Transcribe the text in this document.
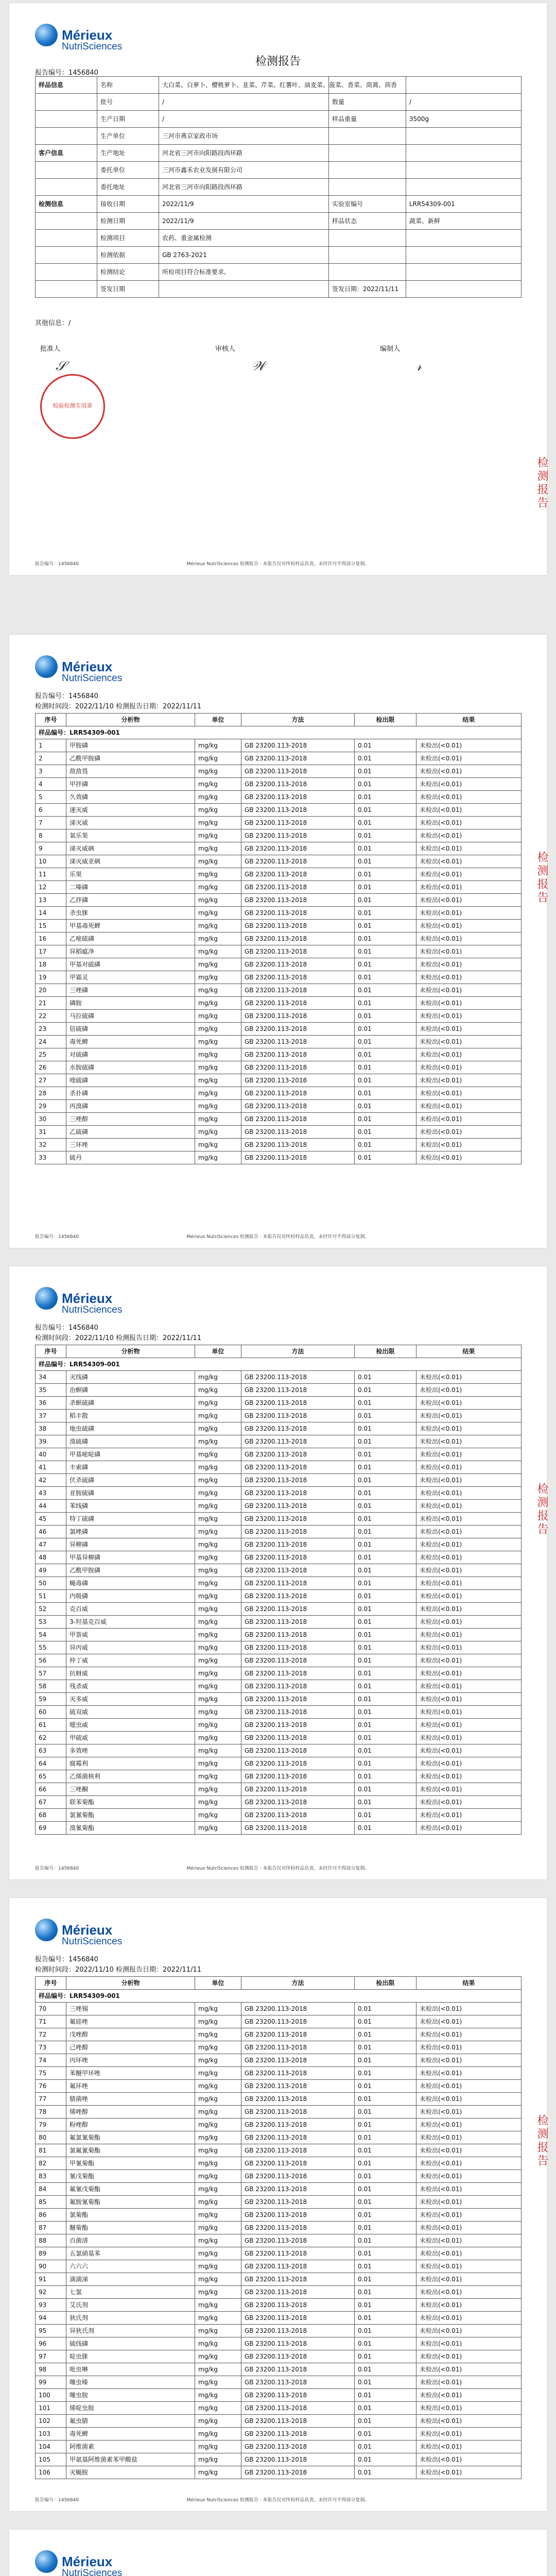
Mérieux
NutriSciences
检测报告
报告编号：1456840
样品信息	名称	大白菜、白萝卜、樱桃萝卜、韭菜、芹菜、红薯叶、油麦菜、菠菜、香菜、茼蒿、茴香		
	批号	/	数量	/
	生产日期	/	样品重量	3500g
	生产单位	三河市燕京家政市场		
客户信息	生产地址	河北省三河市向阳路段西环路		
	委托单位	三河市鑫禾农业发展有限公司		
	委托地址	河北省三河市向阳路段西环路		
检测信息	接收日期	2022/11/9	实验室编号	LRR54309-001
	检测日期	2022/11/9	样品状态	蔬菜、新鲜
	检测项目	农药、重金属检测		
	检测依据	GB 2763-2021		
	检测结论	所检项目符合标准要求。		
	签发日期		签发日期：2022/11/11	
其他信息：/
批准人	审核人	编制人
𝒮	𝒲	𝓇
检验检测专用章
检测报告
报告编号：1456840	Mérieux NutriSciences 检测报告 · 本报告仅对所检样品负责，未经许可不得部分复制。
Mérieux
NutriSciences
报告编号：1456840
检测时间段：2022/11/10 检测报告日期：2022/11/11
检测报告
报告编号：1456840	Mérieux NutriSciences 检测报告 · 本报告仅对所检样品负责，未经许可不得部分复制。
序号	分析物	单位	方法	检出限	结果
样品编号：LRR54309-001					
1	甲胺磷	mg/kg	GB 23200.113-2018	0.01	未检出(<0.01)
2	乙酰甲胺磷	mg/kg	GB 23200.113-2018	0.01	未检出(<0.01)
3	敌敌畏	mg/kg	GB 23200.113-2018	0.01	未检出(<0.01)
4	甲拌磷	mg/kg	GB 23200.113-2018	0.01	未检出(<0.01)
5	久效磷	mg/kg	GB 23200.113-2018	0.01	未检出(<0.01)
6	速灭威	mg/kg	GB 23200.113-2018	0.01	未检出(<0.01)
7	涕灭威	mg/kg	GB 23200.113-2018	0.01	未检出(<0.01)
8	氧乐果	mg/kg	GB 23200.113-2018	0.01	未检出(<0.01)
9	涕灭威砜	mg/kg	GB 23200.113-2018	0.01	未检出(<0.01)
10	涕灭威亚砜	mg/kg	GB 23200.113-2018	0.01	未检出(<0.01)
11	乐果	mg/kg	GB 23200.113-2018	0.01	未检出(<0.01)
12	二嗪磷	mg/kg	GB 23200.113-2018	0.01	未检出(<0.01)
13	乙拌磷	mg/kg	GB 23200.113-2018	0.01	未检出(<0.01)
14	杀虫脒	mg/kg	GB 23200.113-2018	0.01	未检出(<0.01)
15	甲基毒死蜱	mg/kg	GB 23200.113-2018	0.01	未检出(<0.01)
16	乙嘧硫磷	mg/kg	GB 23200.113-2018	0.01	未检出(<0.01)
17	异稻瘟净	mg/kg	GB 23200.113-2018	0.01	未检出(<0.01)
18	甲基对硫磷	mg/kg	GB 23200.113-2018	0.01	未检出(<0.01)
19	甲霜灵	mg/kg	GB 23200.113-2018	0.01	未检出(<0.01)
20	三唑磷	mg/kg	GB 23200.113-2018	0.01	未检出(<0.01)
21	磷胺	mg/kg	GB 23200.113-2018	0.01	未检出(<0.01)
22	马拉硫磷	mg/kg	GB 23200.113-2018	0.01	未检出(<0.01)
23	倍硫磷	mg/kg	GB 23200.113-2018	0.01	未检出(<0.01)
24	毒死蜱	mg/kg	GB 23200.113-2018	0.01	未检出(<0.01)
25	对硫磷	mg/kg	GB 23200.113-2018	0.01	未检出(<0.01)
26	水胺硫磷	mg/kg	GB 23200.113-2018	0.01	未检出(<0.01)
27	喹硫磷	mg/kg	GB 23200.113-2018	0.01	未检出(<0.01)
28	杀扑磷	mg/kg	GB 23200.113-2018	0.01	未检出(<0.01)
29	丙溴磷	mg/kg	GB 23200.113-2018	0.01	未检出(<0.01)
30	三唑醇	mg/kg	GB 23200.113-2018	0.01	未检出(<0.01)
31	乙硫磷	mg/kg	GB 23200.113-2018	0.01	未检出(<0.01)
32	三环唑	mg/kg	GB 23200.113-2018	0.01	未检出(<0.01)
33	硫丹	mg/kg	GB 23200.113-2018	0.01	未检出(<0.01)
Mérieux
NutriSciences
报告编号：1456840
检测时间段：2022/11/10 检测报告日期：2022/11/11
检测报告
报告编号：1456840	Mérieux NutriSciences 检测报告 · 本报告仅对所检样品负责，未经许可不得部分复制。
序号	分析物	单位	方法	检出限	结果
样品编号：LRR54309-001					
34	灭线磷	mg/kg	GB 23200.113-2018	0.01	未检出(<0.01)
35	治螟磷	mg/kg	GB 23200.113-2018	0.01	未检出(<0.01)
36	杀螟硫磷	mg/kg	GB 23200.113-2018	0.01	未检出(<0.01)
37	稻丰散	mg/kg	GB 23200.113-2018	0.01	未检出(<0.01)
38	地虫硫磷	mg/kg	GB 23200.113-2018	0.01	未检出(<0.01)
39	溴硫磷	mg/kg	GB 23200.113-2018	0.01	未检出(<0.01)
40	甲基嘧啶磷	mg/kg	GB 23200.113-2018	0.01	未检出(<0.01)
41	丰索磷	mg/kg	GB 23200.113-2018	0.01	未检出(<0.01)
42	伏杀硫磷	mg/kg	GB 23200.113-2018	0.01	未检出(<0.01)
43	亚胺硫磷	mg/kg	GB 23200.113-2018	0.01	未检出(<0.01)
44	苯线磷	mg/kg	GB 23200.113-2018	0.01	未检出(<0.01)
45	特丁硫磷	mg/kg	GB 23200.113-2018	0.01	未检出(<0.01)
46	氯唑磷	mg/kg	GB 23200.113-2018	0.01	未检出(<0.01)
47	异柳磷	mg/kg	GB 23200.113-2018	0.01	未检出(<0.01)
48	甲基异柳磷	mg/kg	GB 23200.113-2018	0.01	未检出(<0.01)
49	乙酰甲胺磷	mg/kg	GB 23200.113-2018	0.01	未检出(<0.01)
50	蝇毒磷	mg/kg	GB 23200.113-2018	0.01	未检出(<0.01)
51	内吸磷	mg/kg	GB 23200.113-2018	0.01	未检出(<0.01)
52	克百威	mg/kg	GB 23200.113-2018	0.01	未检出(<0.01)
53	3-羟基克百威	mg/kg	GB 23200.113-2018	0.01	未检出(<0.01)
54	甲萘威	mg/kg	GB 23200.113-2018	0.01	未检出(<0.01)
55	异丙威	mg/kg	GB 23200.113-2018	0.01	未检出(<0.01)
56	仲丁威	mg/kg	GB 23200.113-2018	0.01	未检出(<0.01)
57	抗蚜威	mg/kg	GB 23200.113-2018	0.01	未检出(<0.01)
58	残杀威	mg/kg	GB 23200.113-2018	0.01	未检出(<0.01)
59	灭多威	mg/kg	GB 23200.113-2018	0.01	未检出(<0.01)
60	硫双威	mg/kg	GB 23200.113-2018	0.01	未检出(<0.01)
61	噁虫威	mg/kg	GB 23200.113-2018	0.01	未检出(<0.01)
62	甲硫威	mg/kg	GB 23200.113-2018	0.01	未检出(<0.01)
63	多效唑	mg/kg	GB 23200.113-2018	0.01	未检出(<0.01)
64	腐霉利	mg/kg	GB 23200.113-2018	0.01	未检出(<0.01)
65	乙烯菌核利	mg/kg	GB 23200.113-2018	0.01	未检出(<0.01)
66	三唑酮	mg/kg	GB 23200.113-2018	0.01	未检出(<0.01)
67	联苯菊酯	mg/kg	GB 23200.113-2018	0.01	未检出(<0.01)
68	氯氰菊酯	mg/kg	GB 23200.113-2018	0.01	未检出(<0.01)
69	溴氰菊酯	mg/kg	GB 23200.113-2018	0.01	未检出(<0.01)
Mérieux
NutriSciences
报告编号：1456840
检测时间段：2022/11/10 检测报告日期：2022/11/11
检测报告
报告编号：1456840	Mérieux NutriSciences 检测报告 · 本报告仅对所检样品负责，未经许可不得部分复制。
序号	分析物	单位	方法	检出限	结果
样品编号：LRR54309-001					
70	三唑锡	mg/kg	GB 23200.113-2018	0.01	未检出(<0.01)
71	氟硅唑	mg/kg	GB 23200.113-2018	0.01	未检出(<0.01)
72	戊唑醇	mg/kg	GB 23200.113-2018	0.01	未检出(<0.01)
73	己唑醇	mg/kg	GB 23200.113-2018	0.01	未检出(<0.01)
74	丙环唑	mg/kg	GB 23200.113-2018	0.01	未检出(<0.01)
75	苯醚甲环唑	mg/kg	GB 23200.113-2018	0.01	未检出(<0.01)
76	氟环唑	mg/kg	GB 23200.113-2018	0.01	未检出(<0.01)
77	腈菌唑	mg/kg	GB 23200.113-2018	0.01	未检出(<0.01)
78	烯唑醇	mg/kg	GB 23200.113-2018	0.01	未检出(<0.01)
79	粉唑醇	mg/kg	GB 23200.113-2018	0.01	未检出(<0.01)
80	氟氯氰菊酯	mg/kg	GB 23200.113-2018	0.01	未检出(<0.01)
81	氯氟氰菊酯	mg/kg	GB 23200.113-2018	0.01	未检出(<0.01)
82	甲氰菊酯	mg/kg	GB 23200.113-2018	0.01	未检出(<0.01)
83	氰戊菊酯	mg/kg	GB 23200.113-2018	0.01	未检出(<0.01)
84	氟氰戊菊酯	mg/kg	GB 23200.113-2018	0.01	未检出(<0.01)
85	氟胺氰菊酯	mg/kg	GB 23200.113-2018	0.01	未检出(<0.01)
86	氯菊酯	mg/kg	GB 23200.113-2018	0.01	未检出(<0.01)
87	醚菊酯	mg/kg	GB 23200.113-2018	0.01	未检出(<0.01)
88	百菌清	mg/kg	GB 23200.113-2018	0.01	未检出(<0.01)
89	五氯硝基苯	mg/kg	GB 23200.113-2018	0.01	未检出(<0.01)
90	六六六	mg/kg	GB 23200.113-2018	0.01	未检出(<0.01)
91	滴滴涕	mg/kg	GB 23200.113-2018	0.01	未检出(<0.01)
92	七氯	mg/kg	GB 23200.113-2018	0.01	未检出(<0.01)
93	艾氏剂	mg/kg	GB 23200.113-2018	0.01	未检出(<0.01)
94	狄氏剂	mg/kg	GB 23200.113-2018	0.01	未检出(<0.01)
95	异狄氏剂	mg/kg	GB 23200.113-2018	0.01	未检出(<0.01)
96	硫线磷	mg/kg	GB 23200.113-2018	0.01	未检出(<0.01)
97	啶虫脒	mg/kg	GB 23200.113-2018	0.01	未检出(<0.01)
98	吡虫啉	mg/kg	GB 23200.113-2018	0.01	未检出(<0.01)
99	噻虫嗪	mg/kg	GB 23200.113-2018	0.01	未检出(<0.01)
100	噻虫胺	mg/kg	GB 23200.113-2018	0.01	未检出(<0.01)
101	烯啶虫胺	mg/kg	GB 23200.113-2018	0.01	未检出(<0.01)
102	氟虫腈	mg/kg	GB 23200.113-2018	0.01	未检出(<0.01)
103	毒死蜱	mg/kg	GB 23200.113-2018	0.01	未检出(<0.01)
104	阿维菌素	mg/kg	GB 23200.113-2018	0.01	未检出(<0.01)
105	甲氨基阿维菌素苯甲酸盐	mg/kg	GB 23200.113-2018	0.01	未检出(<0.01)
106	灭蝇胺	mg/kg	GB 23200.113-2018	0.01	未检出(<0.01)
Mérieux
NutriSciences
